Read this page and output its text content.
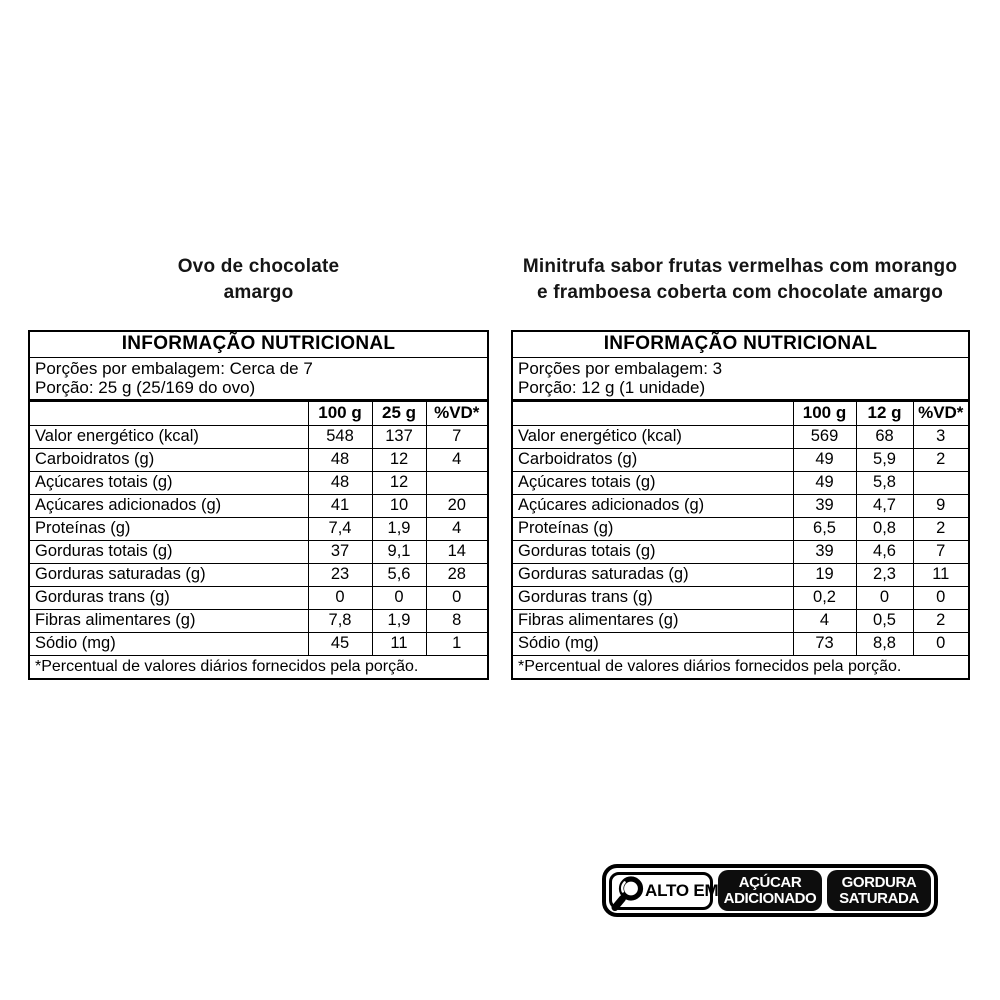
Ovo de chocolate
amargo
Minitrufa sabor frutas vermelhas com morango
e framboesa coberta com chocolate amargo
INFORMAÇÃO NUTRICIONAL			

Porções por embalagem: Cerca de 7
Porção: 25 g (25/169 do ovo)			

	100 g	25 g	%VD*
Valor energético (kcal)	548	137	7
Carboidratos (g)	48	12	4
Açúcares totais (g)	48	12	
Açúcares adicionados (g)	41	10	20
Proteínas (g)	7,4	1,9	4
Gorduras totais (g)	37	9,1	14
Gorduras saturadas (g)	23	5,6	28
Gorduras trans (g)	0	0	0
Fibras alimentares (g)	7,8	1,9	8
Sódio (mg)	45	11	1
*Percentual de valores diários fornecidos pela porção.			
INFORMAÇÃO NUTRICIONAL			

Porções por embalagem: 3
Porção: 12 g (1 unidade)			

	100 g	12 g	%VD*
Valor energético (kcal)	569	68	3
Carboidratos (g)	49	5,9	2
Açúcares totais (g)	49	5,8	
Açúcares adicionados (g)	39	4,7	9
Proteínas (g)	6,5	0,8	2
Gorduras totais (g)	39	4,6	7
Gorduras saturadas (g)	19	2,3	11
Gorduras trans (g)	0,2	0	0
Fibras alimentares (g)	4	0,5	2
Sódio (mg)	73	8,8	0
*Percentual de valores diários fornecidos pela porção.			
ALTO EM AÇÚCAR
ADICIONADO
GORDURA
SATURADA
